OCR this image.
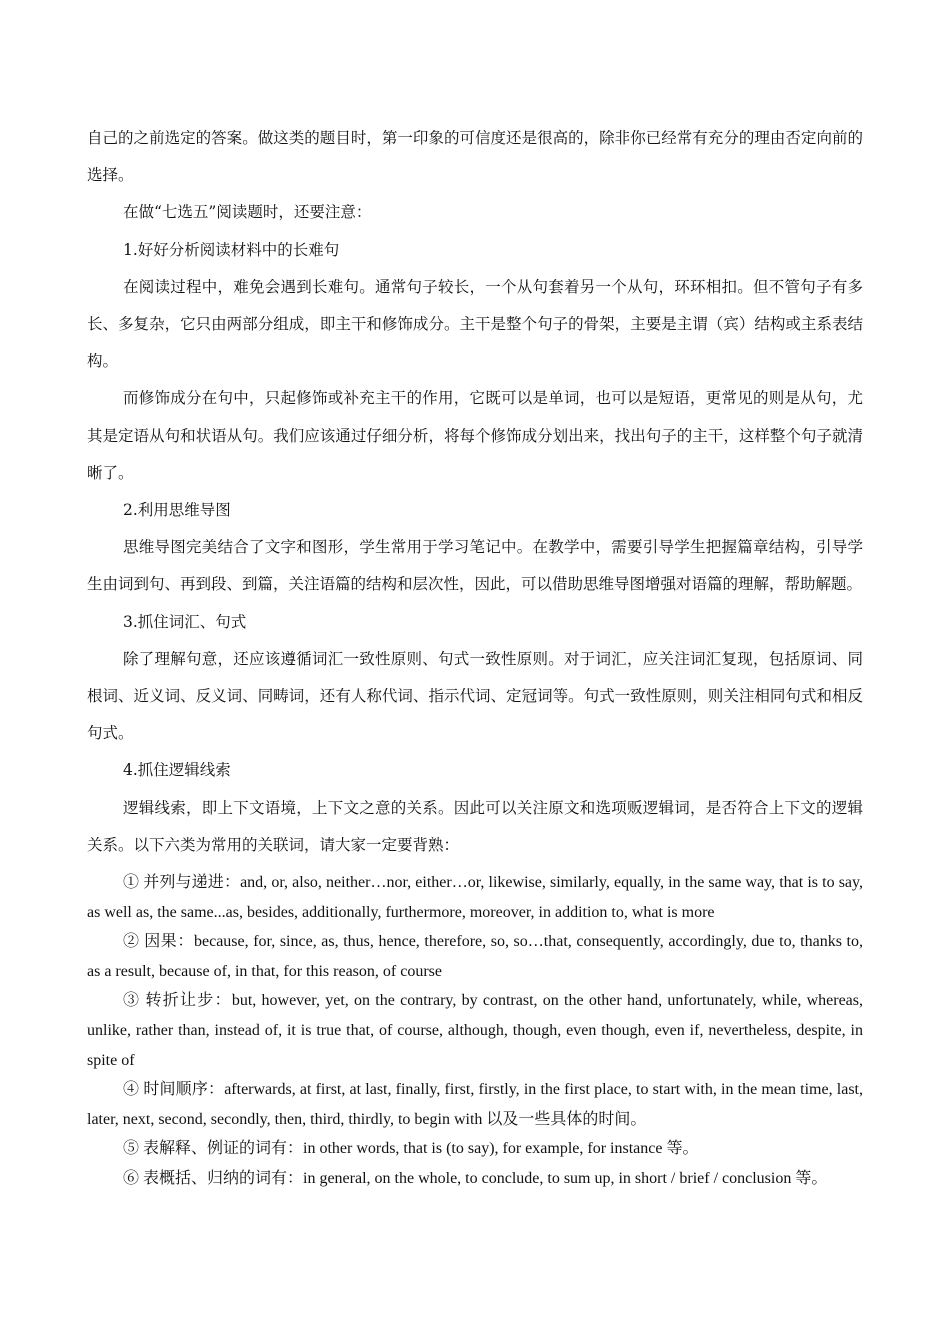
自己的之前选定的答案。做这类的题目时，第一印象的可信度还是很高的，除非你已经常有充分的理由否定向前的选择。

在做“七选五”阅读题时，还要注意：

1.好好分析阅读材料中的长难句

在阅读过程中，难免会遇到长难句。通常句子较长，一个从句套着另一个从句，环环相扣。但不管句子有多长、多复杂，它只由两部分组成，即主干和修饰成分。主干是整个句子的骨架，主要是主谓（宾）结构或主系表结构。

而修饰成分在句中，只起修饰或补充主干的作用，它既可以是单词，也可以是短语，更常见的则是从句，尤其是定语从句和状语从句。我们应该通过仔细分析，将每个修饰成分划出来，找出句子的主干，这样整个句子就清晰了。

2.利用思维导图

思维导图完美结合了文字和图形，学生常用于学习笔记中。在教学中，需要引导学生把握篇章结构，引导学生由词到句、再到段、到篇，关注语篇的结构和层次性，因此，可以借助思维导图增强对语篇的理解，帮助解题。

3.抓住词汇、句式

除了理解句意，还应该遵循词汇一致性原则、句式一致性原则。对于词汇，应关注词汇复现，包括原词、同根词、近义词、反义词、同畴词，还有人称代词、指示代词、定冠词等。句式一致性原则，则关注相同句式和相反句式。

4.抓住逻辑线索

逻辑线索，即上下文语境，上下文之意的关系。因此可以关注原文和选项贩逻辑词，是否符合上下文的逻辑关系。以下六类为常用的关联词，请大家一定要背熟：

① 并列与递进：and, or, also, neither…nor, either…or, likewise, similarly, equally, in the same way, that is to say, as well as, the same...as, besides, additionally, furthermore, moreover, in addition to, what is more

② 因果：because, for, since, as, thus, hence, therefore, so, so…that, consequently, accordingly, due to, thanks to, as a result, because of, in that, for this reason, of course

③ 转折让步：but, however, yet, on the contrary, by contrast, on the other hand, unfortunately, while, whereas, unlike, rather than, instead of, it is true that, of course, although, though, even though, even if, nevertheless, despite, in spite of

④ 时间顺序：afterwards, at first, at last, finally, first, firstly, in the first place, to start with, in the mean time, last, later, next, second, secondly, then, third, thirdly, to begin with 以及一些具体的时间。

⑤ 表解释、例证的词有：in other words, that is (to say), for example, for instance 等。

⑥ 表概括、归纳的词有：in general, on the whole, to conclude, to sum up, in short / brief / conclusion 等。
